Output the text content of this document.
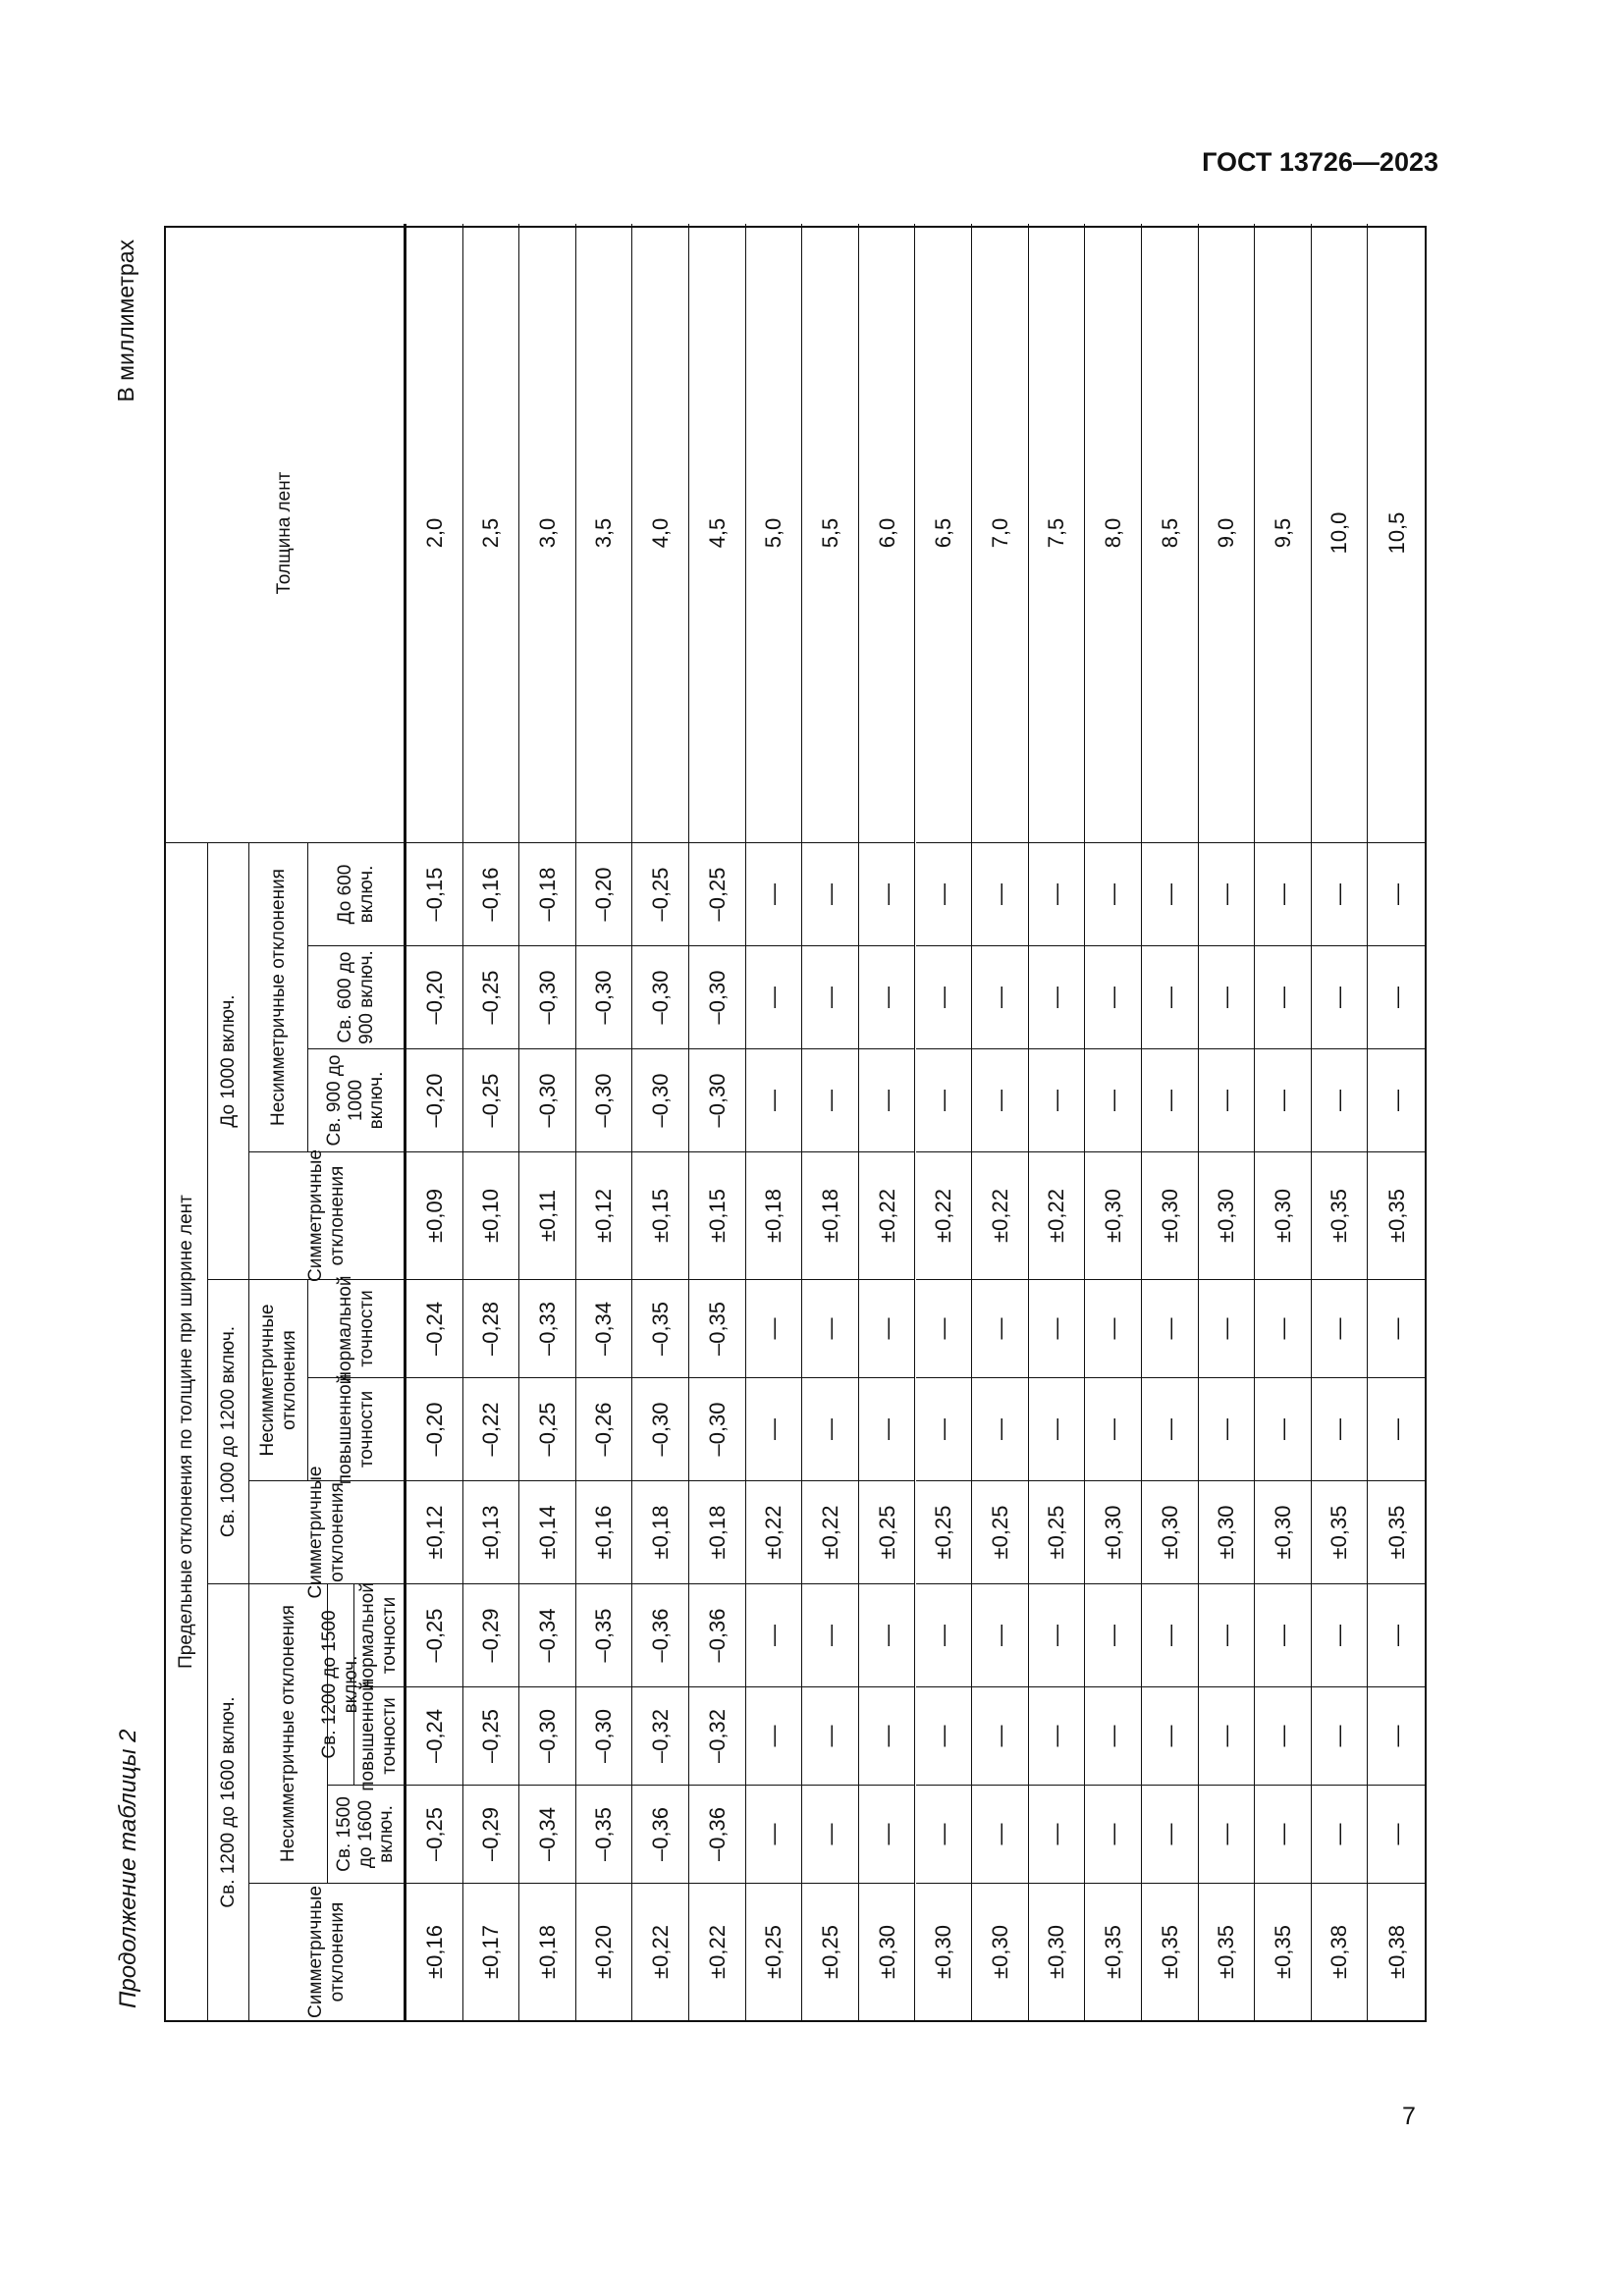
ГОСТ 13726—2023
7
Продолжение таблицы 2
В миллиметрах
Предельные отклонения по толщине при ширине лент
Толщина лент
До 1000 включ.
Симметричные отклонения
Несимметричные отклонения
Св. 1000 до 1200 включ.	Симметричные отклонения
Несимметричные отклонения
Св. 1200 до 1600 включ.
Симметричные отклонения
Несимметричные отклонения
До 600 включ.
Св. 600 до 900 включ.
Св. 900 до 1000 включ.
нормальной точности
повышенной точности
Св. 1200 до 1500 включ.
нормальной точности
повышенной точности
Св. 1500 до 1600 включ.
2,0
–0,15
–0,20
–0,20
±0,09
–0,24
–0,20
±0,12
–0,25
–0,24
–0,25
±0,16
2,5
–0,16
–0,25
–0,25
±0,10
–0,28
–0,22
±0,13
–0,29
–0,25
–0,29
±0,17
3,0
–0,18
–0,30
–0,30
±0,11
–0,33
–0,25
±0,14
–0,34
–0,30
–0,34
±0,18
3,5
–0,20
–0,30
–0,30
±0,12
–0,34
–0,26
±0,16
–0,35
–0,30
–0,35
±0,20
4,0
–0,25
–0,30
–0,30
±0,15
–0,35
–0,30
±0,18
–0,36
–0,32
–0,36
±0,22
4,5
–0,25
–0,30
–0,30
±0,15
–0,35
–0,30
±0,18
–0,36
–0,32
–0,36
±0,22
5,0
—
—
—
±0,18
—
—
±0,22
—
—
—
±0,25
5,5
—
—
—
±0,18
—
—
±0,22
—
—
—
±0,25
6,0
—
—
—
±0,22
—
—
±0,25
—
—
—
±0,30
6,5
—
—
—
±0,22
—
—
±0,25
—
—
—
±0,30
7,0
—
—
—
±0,22
—
—
±0,25
—
—
—
±0,30
7,5
—
—
—
±0,22
—
—
±0,25
—
—
—
±0,30
8,0
—
—
—
±0,30
—
—
±0,30
—
—
—
±0,35
8,5
—
—
—
±0,30
—
—
±0,30
—
—
—
±0,35
9,0
—
—
—
±0,30
—
—
±0,30
—
—
—
±0,35
9,5
—
—
—
±0,30
—
—
±0,30
—
—
—
±0,35
10,0
—
—
—
±0,35
—
—
±0,35
—
—
—
±0,38
10,5
—
—
—
±0,35
—
—
±0,35
—
—
—
±0,38
